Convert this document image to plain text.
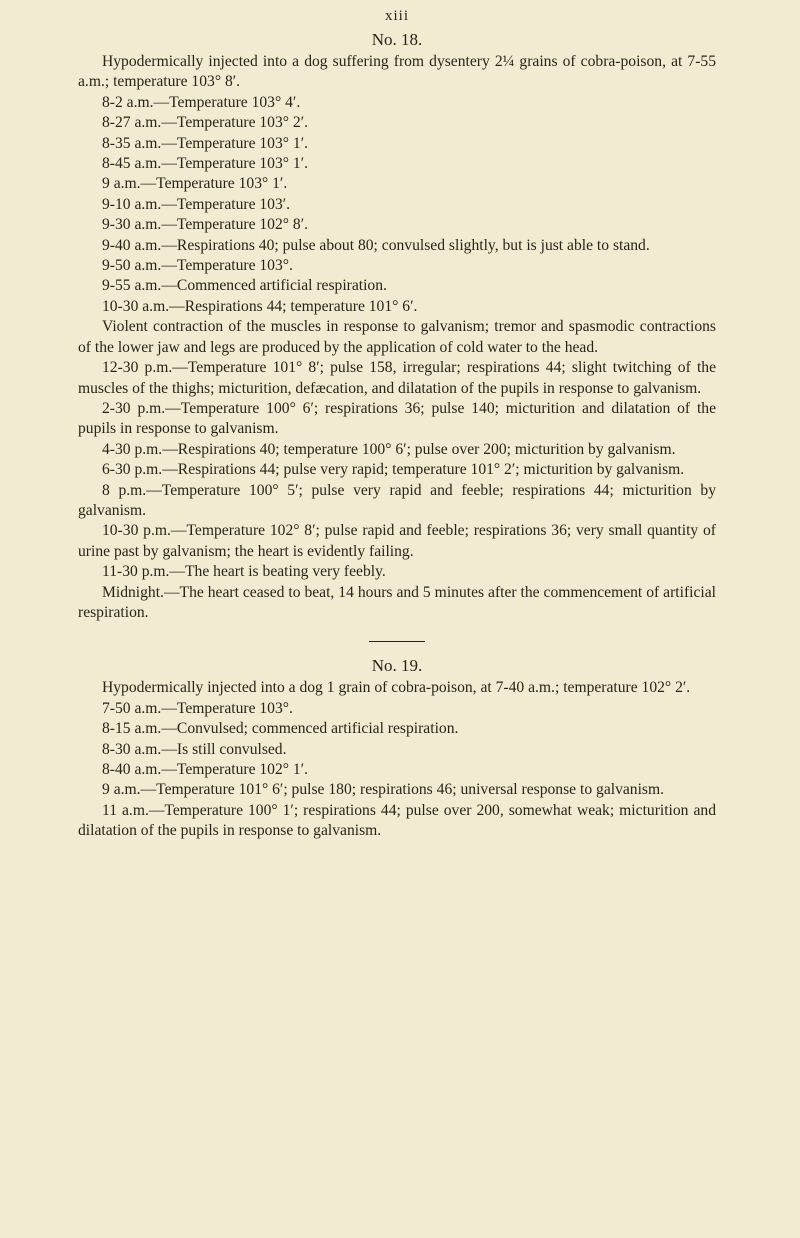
xiii
No. 18.

Hypodermically injected into a dog suffering from dysentery 2¼ grains of cobra-poison, at 7-55 a.m.; temperature 103° 8′.

8-2 a.m.—Temperature 103° 4′.

8-27 a.m.—Temperature 103° 2′.

8-35 a.m.—Temperature 103° 1′.

8-45 a.m.—Temperature 103° 1′.

9 a.m.—Temperature 103° 1′.

9-10 a.m.—Temperature 103′.

9-30 a.m.—Temperature 102° 8′.

9-40 a.m.—Respirations 40; pulse about 80; convulsed slightly, but is just able to stand.

9-50 a.m.—Temperature 103°.

9-55 a.m.—Commenced artificial respiration.

10-30 a.m.—Respirations 44; temperature 101° 6′.

Violent contraction of the muscles in response to galvanism; tremor and spasmodic contractions of the lower jaw and legs are produced by the application of cold water to the head.

12-30 p.m.—Temperature 101° 8′; pulse 158, irregular; respirations 44; slight twitching of the muscles of the thighs; micturition, defæcation, and dilatation of the pupils in response to galvanism.

2-30 p.m.—Temperature 100° 6′; respirations 36; pulse 140; micturition and dilatation of the pupils in response to galvanism.

4-30 p.m.—Respirations 40; temperature 100° 6′; pulse over 200; micturition by galvanism.

6-30 p.m.—Respirations 44; pulse very rapid; temperature 101° 2′; micturition by galvanism.

8 p.m.—Temperature 100° 5′; pulse very rapid and feeble; respirations 44; micturition by galvanism.

10-30 p.m.—Temperature 102° 8′; pulse rapid and feeble; respirations 36; very small quantity of urine past by galvanism; the heart is evidently failing.

11-30 p.m.—The heart is beating very feebly.

Midnight.—The heart ceased to beat, 14 hours and 5 minutes after the commencement of artificial respiration.

No. 19.

Hypodermically injected into a dog 1 grain of cobra-poison, at 7-40 a.m.; temperature 102° 2′.

7-50 a.m.—Temperature 103°.

8-15 a.m.—Convulsed; commenced artificial respiration.

8-30 a.m.—Is still convulsed.

8-40 a.m.—Temperature 102° 1′.

9 a.m.—Temperature 101° 6′; pulse 180; respirations 46; universal response to galvanism.

11 a.m.—Temperature 100° 1′; respirations 44; pulse over 200, somewhat weak; micturition and dilatation of the pupils in response to galvanism.
